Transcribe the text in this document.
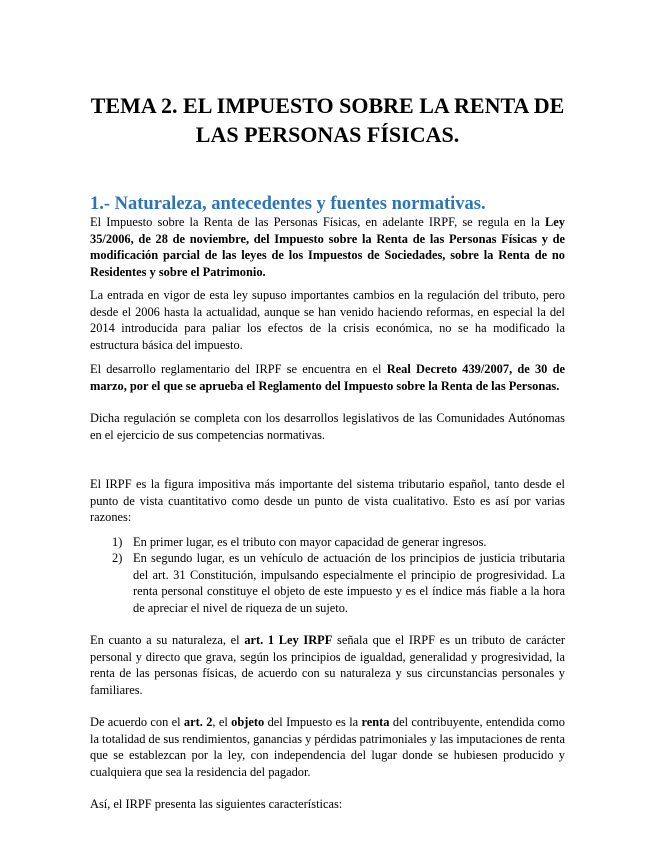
TEMA 2. EL IMPUESTO SOBRE LA RENTA DE
LAS PERSONAS FÍSICAS.
1.- Naturaleza, antecedentes y fuentes normativas.

El Impuesto sobre la Renta de las Personas Físicas, en adelante IRPF, se regula en la Ley 35/2006, de 28 de noviembre, del Impuesto sobre la Renta de las Personas Físicas y de modificación parcial de las leyes de los Impuestos de Sociedades, sobre la Renta de no Residentes y sobre el Patrimonio.

La entrada en vigor de esta ley supuso importantes cambios en la regulación del tributo, pero desde el 2006 hasta la actualidad, aunque se han venido haciendo reformas, en especial la del 2014 introducida para paliar los efectos de la crisis económica, no se ha modificado la estructura básica del impuesto.

El desarrollo reglamentario del IRPF se encuentra en el Real Decreto 439/2007, de 30 de marzo, por el que se aprueba el Reglamento del Impuesto sobre la Renta de las Personas.

Dicha regulación se completa con los desarrollos legislativos de las Comunidades Autónomas en el ejercicio de sus competencias normativas.

El IRPF es la figura impositiva más importante del sistema tributario español, tanto desde el punto de vista cuantitativo como desde un punto de vista cualitativo. Esto es así por varias razones:

1) En primer lugar, es el tributo con mayor capacidad de generar ingresos.
2) En segundo lugar, es un vehículo de actuación de los principios de justicia tributaria del art. 31 Constitución, impulsando especialmente el principio de progresividad. La renta personal constituye el objeto de este impuesto y es el índice más fiable a la hora de apreciar el nivel de riqueza de un sujeto.

En cuanto a su naturaleza, el art. 1 Ley IRPF señala que el IRPF es un tributo de carácter personal y directo que grava, según los principios de igualdad, generalidad y progresividad, la renta de las personas físicas, de acuerdo con su naturaleza y sus circunstancias personales y familiares.

De acuerdo con el art. 2, el objeto del Impuesto es la renta del contribuyente, entendida como la totalidad de sus rendimientos, ganancias y pérdidas patrimoniales y las imputaciones de renta que se establezcan por la ley, con independencia del lugar donde se hubiesen producido y cualquiera que sea la residencia del pagador.

Así, el IRPF presenta las siguientes características:
